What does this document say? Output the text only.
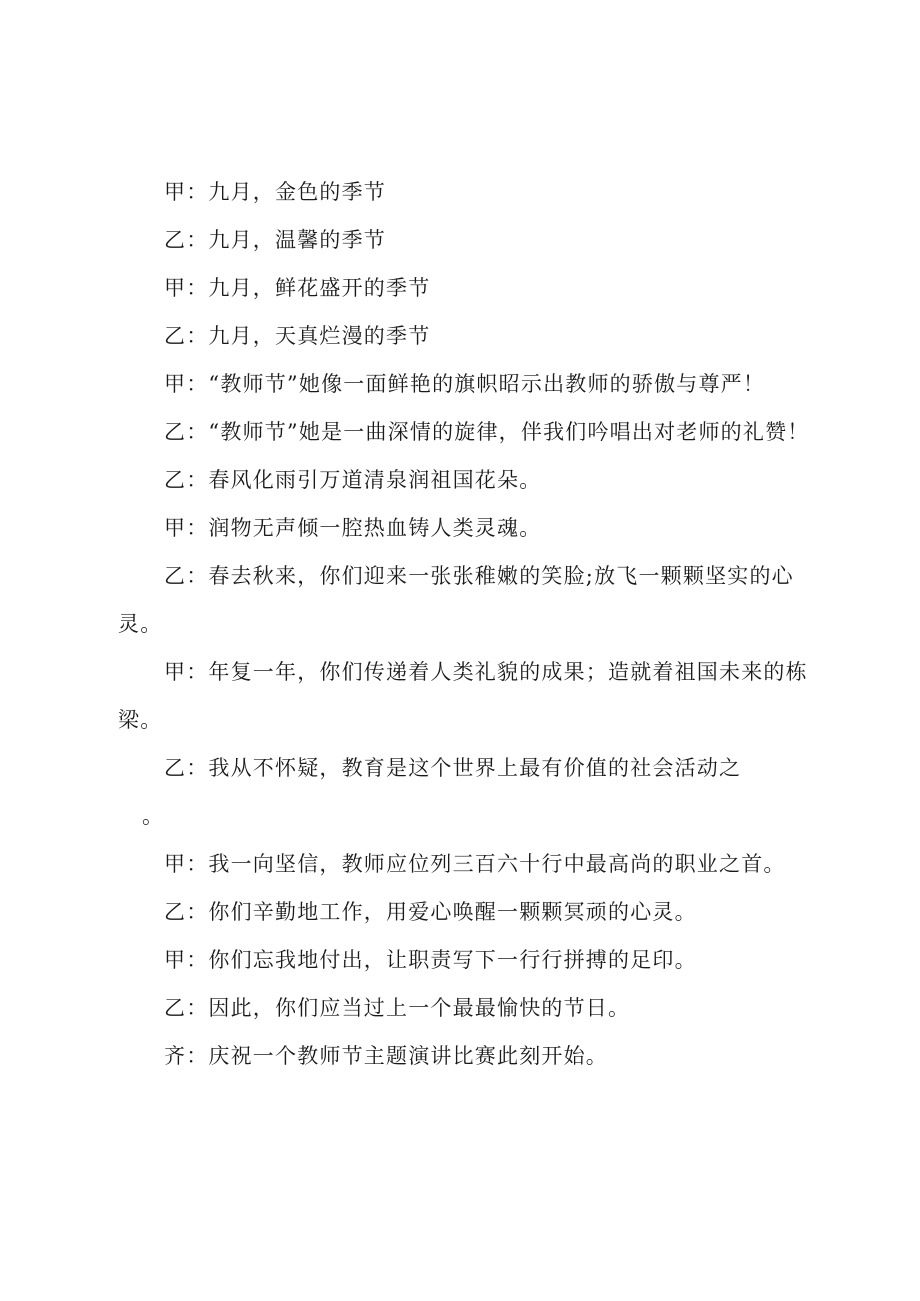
甲：九月，金色的季节

乙：九月，温馨的季节

甲：九月，鲜花盛开的季节

乙：九月，天真烂漫的季节

甲：“教师节”她像一面鲜艳的旗帜昭示出教师的骄傲与尊严！

乙：“教师节”她是一曲深情的旋律，伴我们吟唱出对老师的礼赞！

乙：春风化雨引万道清泉润祖国花朵。

甲：润物无声倾一腔热血铸人类灵魂。

乙：春去秋来，你们迎来一张张稚嫩的笑脸;放飞一颗颗坚实的心灵。

甲：年复一年，你们传递着人类礼貌的成果；造就着祖国未来的栋梁。

乙：我从不怀疑，教育是这个世界上最有价值的社会活动之

。

甲：我一向坚信，教师应位列三百六十行中最高尚的职业之首。

乙：你们辛勤地工作，用爱心唤醒一颗颗冥顽的心灵。

甲：你们忘我地付出，让职责写下一行行拼搏的足印。

乙：因此，你们应当过上一个最最愉快的节日。

齐：庆祝一个教师节主题演讲比赛此刻开始。
